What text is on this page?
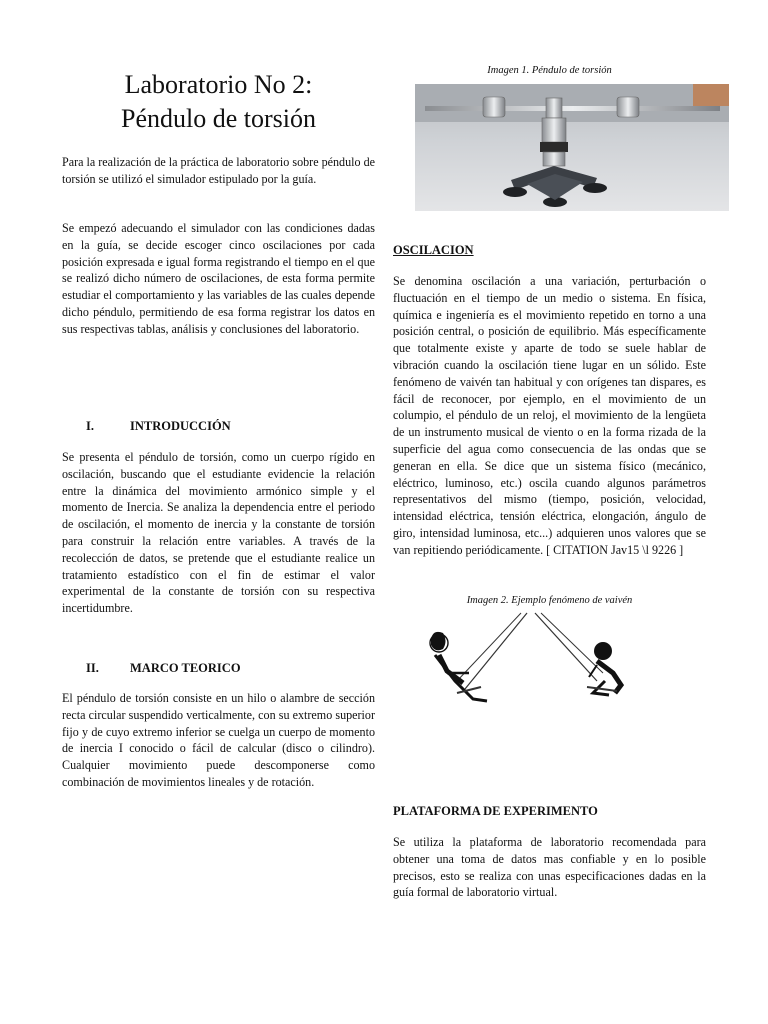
Laboratorio No 2:
Péndulo de torsión

Para la realización de la práctica de laboratorio sobre péndulo de torsión se utilizó el simulador estipulado por la guía.

Se empezó adecuando el simulador con las condiciones dadas en la guía, se decide escoger cinco oscilaciones por cada posición expresada e igual forma registrando el tiempo en el que se realizó dicho número de oscilaciones, de esta forma permite estudiar el comportamiento y las variables de las cuales depende dicho péndulo, permitiendo de esa forma registrar los datos en sus respectivas tablas, análisis y conclusiones del laboratorio.

I.	INTRODUCCIÓN

Se presenta el péndulo de torsión, como un cuerpo rígido en oscilación, buscando que el estudiante evidencie la relación entre la dinámica del movimiento armónico simple y el momento de Inercia. Se analiza la dependencia entre el periodo de oscilación, el momento de inercia y la constante de torsión para construir la relación entre variables. A través de la recolección de datos, se pretende que el estudiante realice un tratamiento estadístico con el fin de estimar el valor experimental de la constante de torsión con su respectiva incertidumbre.

II.	MARCO TEORICO

El péndulo de torsión consiste en un hilo o alambre de sección recta circular suspendido verticalmente, con su extremo superior fijo y de cuyo extremo inferior se cuelga un cuerpo de momento de inercia I conocido o fácil de calcular (disco o cilindro). Cualquier movimiento puede descomponerse como combinación de movimientos lineales y de rotación.

Imagen 1. Péndulo de torsión

OSCILACION

Se denomina oscilación a una variación, perturbación o fluctuación en el tiempo de un medio o sistema. En física, química e ingeniería es el movimiento repetido en torno a una posición central, o posición de equilibrio. Más específicamente que totalmente existe y aparte de todo se suele hablar de vibración cuando la oscilación tiene lugar en un sólido. Este fenómeno de vaivén tan habitual y con orígenes tan dispares, es fácil de reconocer, por ejemplo, en el movimiento de un columpio, el péndulo de un reloj, el movimiento de la lengüeta de un instrumento musical de viento o en la forma rizada de la superficie del agua como consecuencia de las ondas que se generan en ella. Se dice que un sistema físico (mecánico, eléctrico, luminoso, etc.) oscila cuando algunos parámetros representativos del mismo (tiempo, posición, velocidad, intensidad eléctrica, tensión eléctrica, elongación, ángulo de giro, intensidad luminosa, etc...) adquieren unos valores que se van repitiendo periódicamente. [ CITATION Jav15 \l 9226 ]

Imagen 2. Ejemplo fenómeno de vaivén

PLATAFORMA DE EXPERIMENTO

Se utiliza la plataforma de laboratorio recomendada para obtener una toma de datos mas confiable y en lo posible precisos, esto se realiza con unas especificaciones dadas en la guía formal de laboratorio virtual.
